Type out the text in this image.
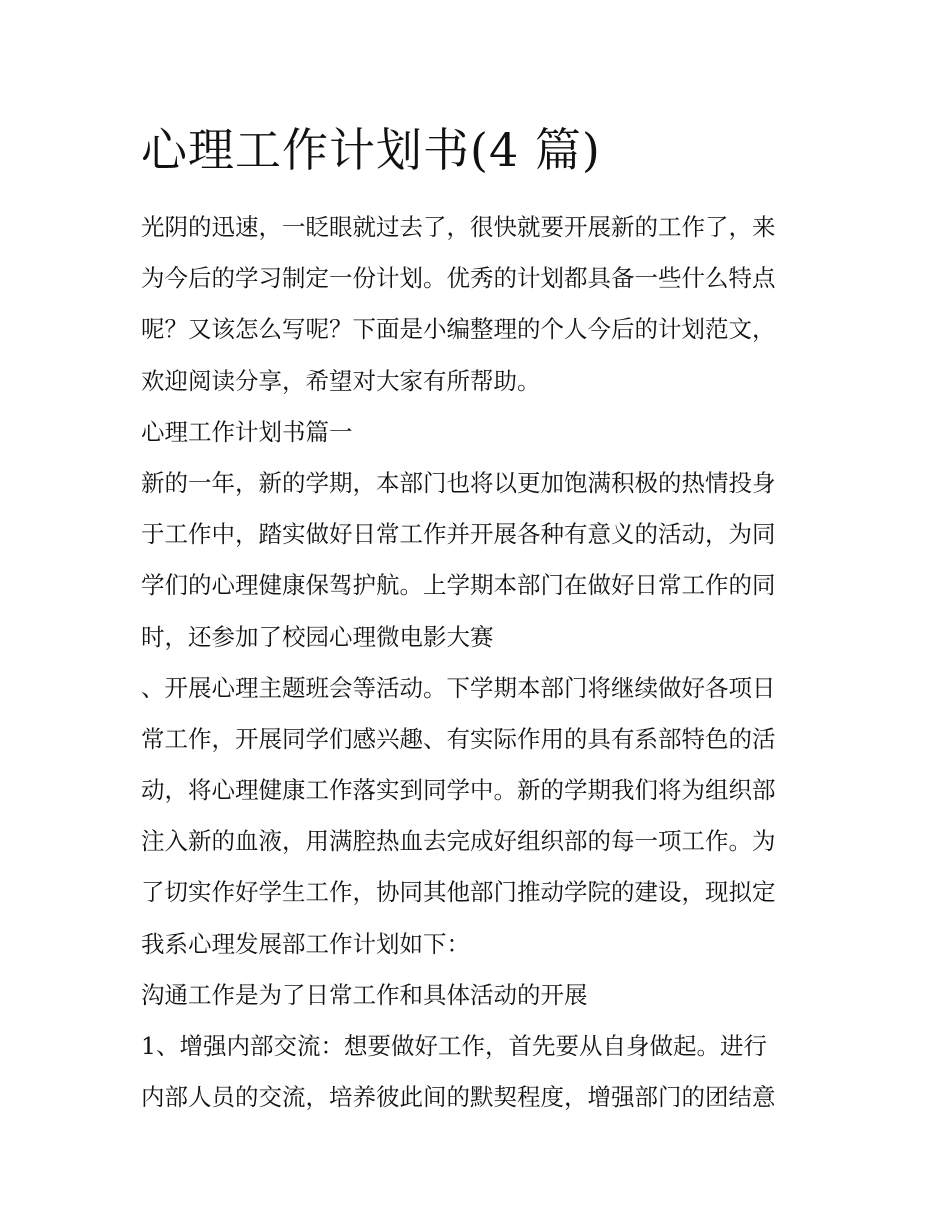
心理工作计划书(4 篇)
光阴的迅速，一眨眼就过去了，很快就要开展新的工作了，来
为今后的学习制定一份计划。优秀的计划都具备一些什么特点
呢？又该怎么写呢？下面是小编整理的个人今后的计划范文，
欢迎阅读分享，希望对大家有所帮助。
心理工作计划书篇一
新的一年，新的学期，本部门也将以更加饱满积极的热情投身
于工作中，踏实做好日常工作并开展各种有意义的活动，为同
学们的心理健康保驾护航。上学期本部门在做好日常工作的同
时，还参加了校园心理微电影大赛
、开展心理主题班会等活动。下学期本部门将继续做好各项日
常工作，开展同学们感兴趣、有实际作用的具有系部特色的活
动，将心理健康工作落实到同学中。新的学期我们将为组织部
注入新的血液，用满腔热血去完成好组织部的每一项工作。为
了切实作好学生工作，协同其他部门推动学院的建设，现拟定
我系心理发展部工作计划如下：
沟通工作是为了日常工作和具体活动的开展
1、增强内部交流：想要做好工作，首先要从自身做起。进行
内部人员的交流，培养彼此间的默契程度，增强部门的团结意
